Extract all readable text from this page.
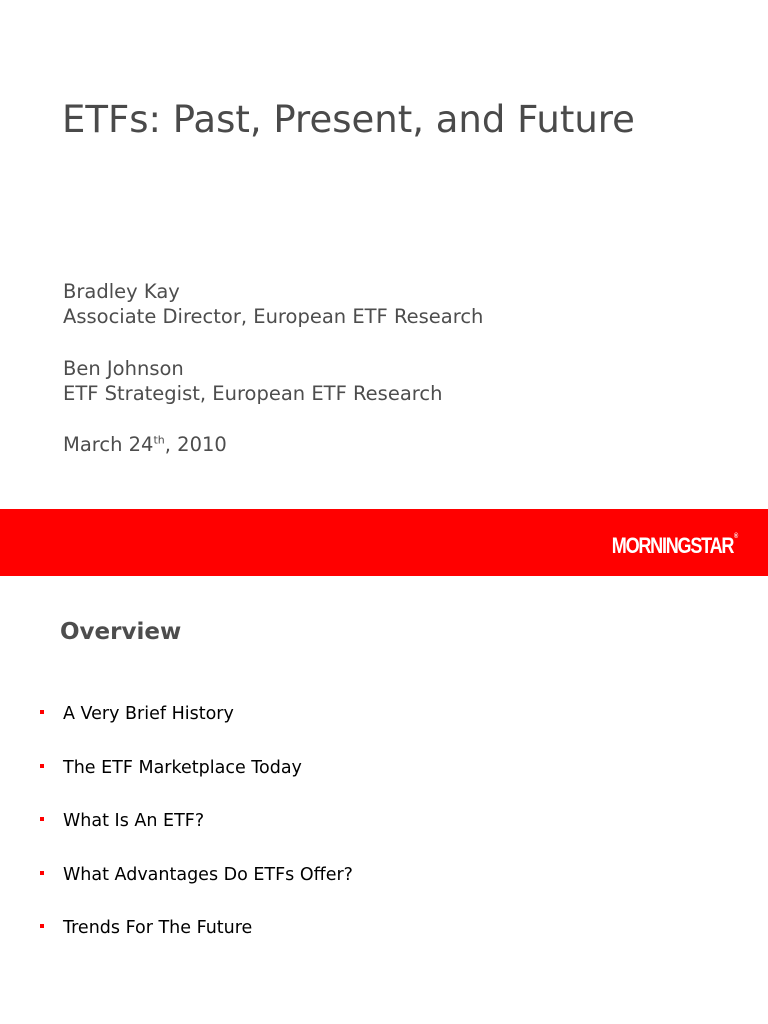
ETFs: Past, Present, and Future
Bradley Kay
Associate Director, European ETF Research
Ben Johnson
ETF Strategist, European ETF Research
March 24th, 2010
MORNINGSTAR ®
Overview
A Very Brief History
The ETF Marketplace Today
What Is An ETF?
What Advantages Do ETFs Offer?
Trends For The Future
